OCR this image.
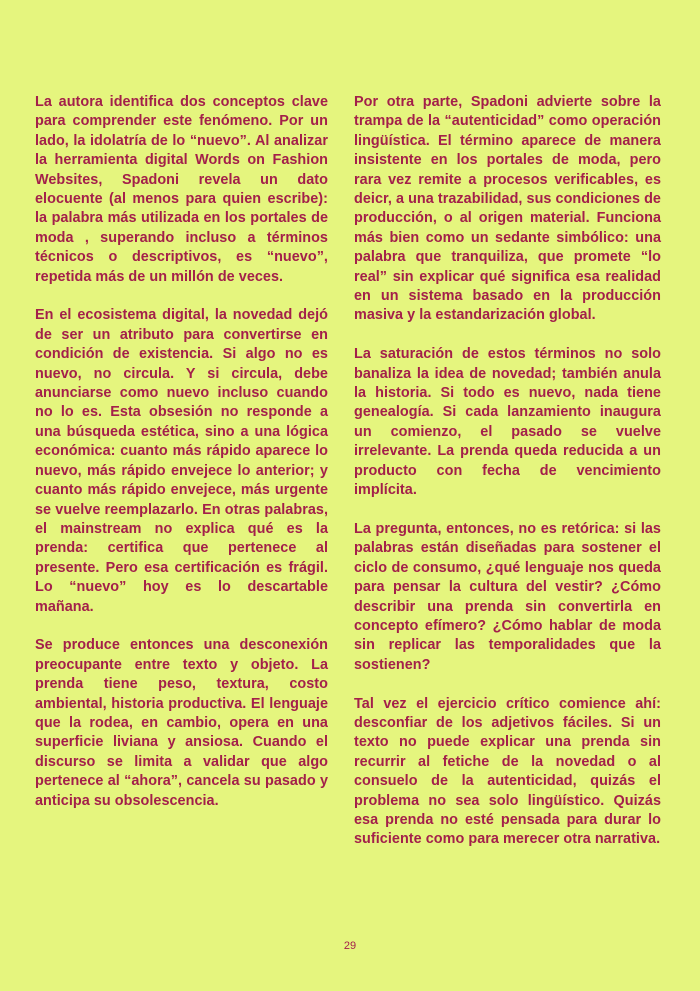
La autora identifica dos conceptos clave para comprender este fenómeno. Por un lado, la idolatría de lo “nuevo”. Al analizar la herramienta digital Words on Fashion Websites, Spadoni revela un dato elocuente (al menos para quien escribe): la palabra más utilizada en los portales de moda , superando incluso a términos técnicos o descriptivos, es “nuevo”, repetida más de un millón de veces.

En el ecosistema digital, la novedad dejó de ser un atributo para convertirse en condición de existencia. Si algo no es nuevo, no circula. Y si circula, debe anunciarse como nuevo incluso cuando no lo es. Esta obsesión no responde a una búsqueda estética, sino a una lógica económica: cuanto más rápido aparece lo nuevo, más rápido envejece lo anterior; y cuanto más rápido envejece, más urgente se vuelve reemplazarlo. En otras palabras, el mainstream no explica qué es la prenda: certifica que pertenece al presente. Pero esa certificación es frágil. Lo “nuevo” hoy es lo descartable mañana.

Se produce entonces una desconexión preocupante entre texto y objeto. La prenda tiene peso, textura, costo ambiental, historia productiva. El lenguaje que la rodea, en cambio, opera en una superficie liviana y ansiosa. Cuando el discurso se limita a validar que algo pertenece al “ahora”, cancela su pasado y anticipa su obsolescencia.

Por otra parte, Spadoni advierte sobre la trampa de la “autenticidad” como operación lingüística. El término aparece de manera insistente en los portales de moda, pero rara vez remite a procesos verificables, es deicr, a una trazabilidad, sus condiciones de producción, o al origen material. Funciona más bien como un sedante simbólico: una palabra que tranquiliza, que promete “lo real” sin explicar qué significa esa realidad en un sistema basado en la producción masiva y la estandarización global.

La saturación de estos términos no solo banaliza la idea de novedad; también anula la historia. Si todo es nuevo, nada tiene genealogía. Si cada lanzamiento inaugura un comienzo, el pasado se vuelve irrelevante. La prenda queda reducida a un producto con fecha de vencimiento implícita.

La pregunta, entonces, no es retórica: si las palabras están diseñadas para sostener el ciclo de consumo, ¿qué lenguaje nos queda para pensar la cultura del vestir? ¿Cómo describir una prenda sin convertirla en concepto efímero? ¿Cómo hablar de moda sin replicar las temporalidades que la sostienen?

Tal vez el ejercicio crítico comience ahí: desconfiar de los adjetivos fáciles. Si un texto no puede explicar una prenda sin recurrir al fetiche de la novedad o al consuelo de la autenticidad, quizás el problema no sea solo lingüístico. Quizás esa prenda no esté pensada para durar lo suficiente como para merecer otra narrativa.

29
